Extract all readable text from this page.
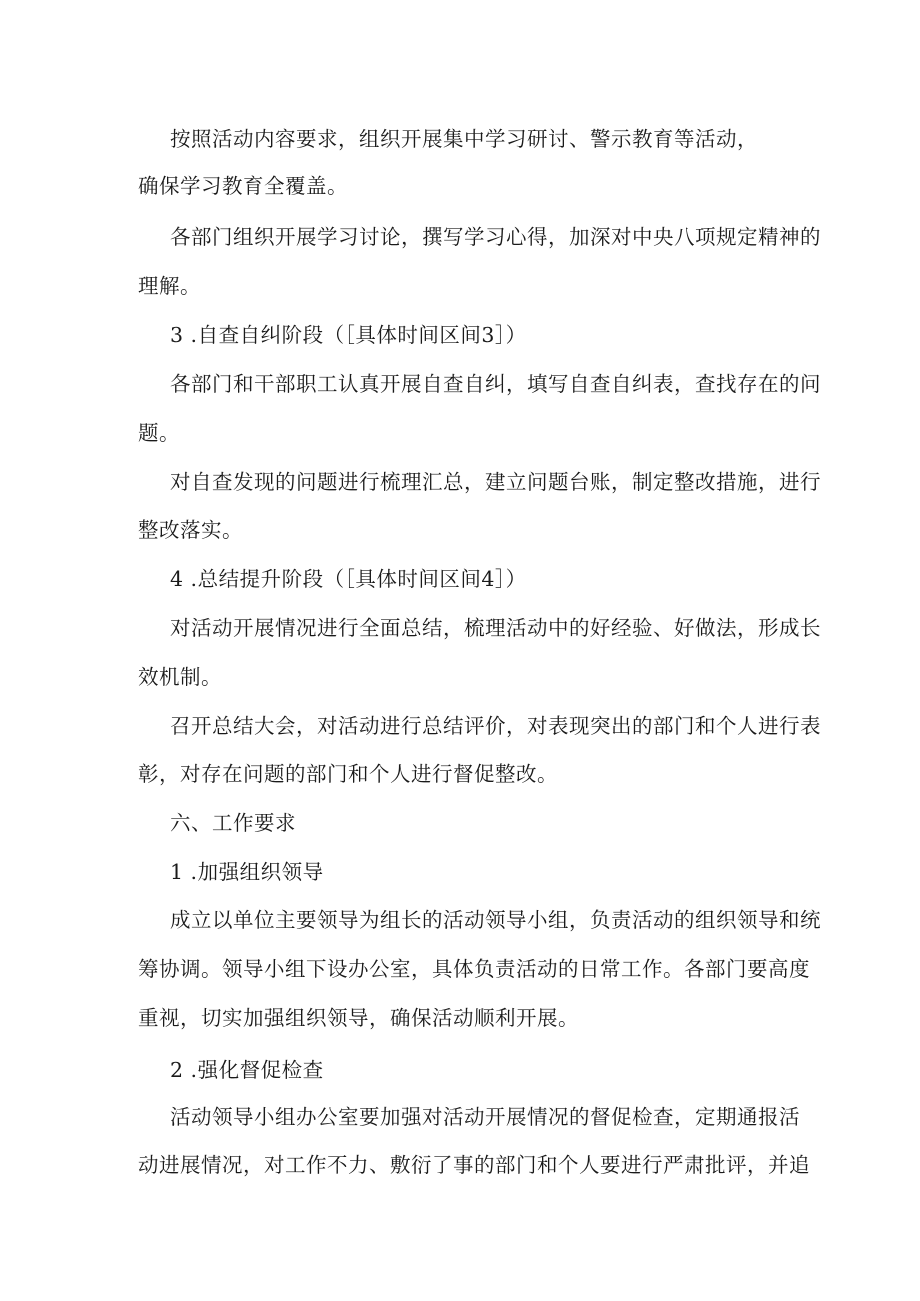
按照活动内容要求，组织开展集中学习研讨、警示教育等活动，
确保学习教育全覆盖。
各部门组织开展学习讨论，撰写学习心得，加深对中央八项规定精神的
理解。
3 .自查自纠阶段（［具体时间区间3］）
各部门和干部职工认真开展自查自纠，填写自查自纠表，查找存在的问
题。
对自查发现的问题进行梳理汇总，建立问题台账，制定整改措施，进行
整改落实。
4 .总结提升阶段（［具体时间区间4］）
对活动开展情况进行全面总结，梳理活动中的好经验、好做法，形成长
效机制。
召开总结大会，对活动进行总结评价，对表现突出的部门和个人进行表
彰，对存在问题的部门和个人进行督促整改。
六、工作要求
1 .加强组织领导
成立以单位主要领导为组长的活动领导小组，负责活动的组织领导和统
筹协调。领导小组下设办公室，具体负责活动的日常工作。各部门要高度
重视，切实加强组织领导，确保活动顺利开展。
2 .强化督促检查
活动领导小组办公室要加强对活动开展情况的督促检查，定期通报活
动进展情况，对工作不力、敷衍了事的部门和个人要进行严肃批评，并追
